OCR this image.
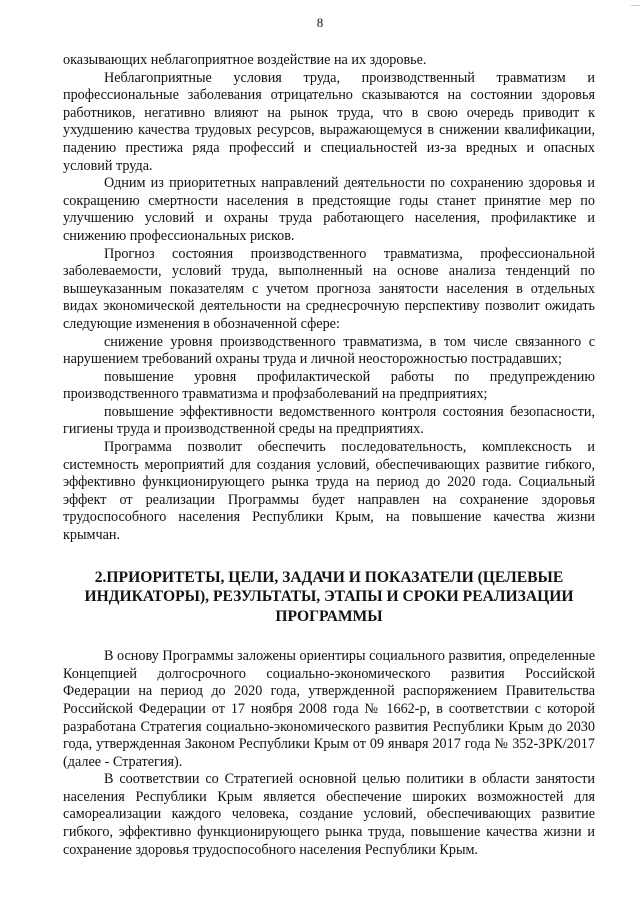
—
8

оказывающих неблагоприятное воздействие на их здоровье.

Неблагоприятные условия труда, производственный травматизм и профессиональные заболевания отрицательно сказываются на состоянии здоровья работников, негативно влияют на рынок труда, что в свою очередь приводит к ухудшению качества трудовых ресурсов, выражающемуся в снижении квалификации, падению престижа ряда профессий и специальностей из-за вредных и опасных условий труда.

Одним из приоритетных направлений деятельности по сохранению здоровья и сокращению смертности населения в предстоящие годы станет принятие мер по улучшению условий и охраны труда работающего населения, профилактике и снижению профессиональных рисков.

Прогноз состояния производственного травматизма, профессиональной заболеваемости, условий труда, выполненный на основе анализа тенденций по вышеуказанным показателям с учетом прогноза занятости населения в отдельных видах экономической деятельности на среднесрочную перспективу позволит ожидать следующие изменения в обозначенной сфере:

снижение уровня производственного травматизма, в том числе связанного с нарушением требований охраны труда и личной неосторожностью пострадавших;

повышение уровня профилактической работы по предупреждению производственного травматизма и профзаболеваний на предприятиях;

повышение эффективности ведомственного контроля состояния безопасности, гигиены труда и производственной среды на предприятиях.

Программа позволит обеспечить последовательность, комплексность и системность мероприятий для создания условий, обеспечивающих развитие гибкого, эффективно функционирующего рынка труда на период до 2020 года. Социальный эффект от реализации Программы будет направлен на сохранение здоровья трудоспособного населения Республики Крым, на повышение качества жизни крымчан.

2.ПРИОРИТЕТЫ, ЦЕЛИ, ЗАДАЧИ И ПОКАЗАТЕЛИ (ЦЕЛЕВЫЕ ИНДИКАТОРЫ), РЕЗУЛЬТАТЫ, ЭТАПЫ И СРОКИ РЕАЛИЗАЦИИ ПРОГРАММЫ

В основу Программы заложены ориентиры социального развития, определенные Концепцией долгосрочного социально-экономического развития Российской Федерации на период до 2020 года, утвержденной распоряжением Правительства Российской Федерации от 17 ноября 2008 года № 1662-р, в соответствии с которой разработана Стратегия социально-экономического развития Республики Крым до 2030 года, утвержденная Законом Республики Крым от 09 января 2017 года № 352-ЗРК/2017 (далее - Стратегия).

В соответствии со Стратегией основной целью политики в области занятости населения Республики Крым является обеспечение широких возможностей для самореализации каждого человека, создание условий, обеспечивающих развитие гибкого, эффективно функционирующего рынка труда, повышение качества жизни и сохранение здоровья трудоспособного населения Республики Крым.
